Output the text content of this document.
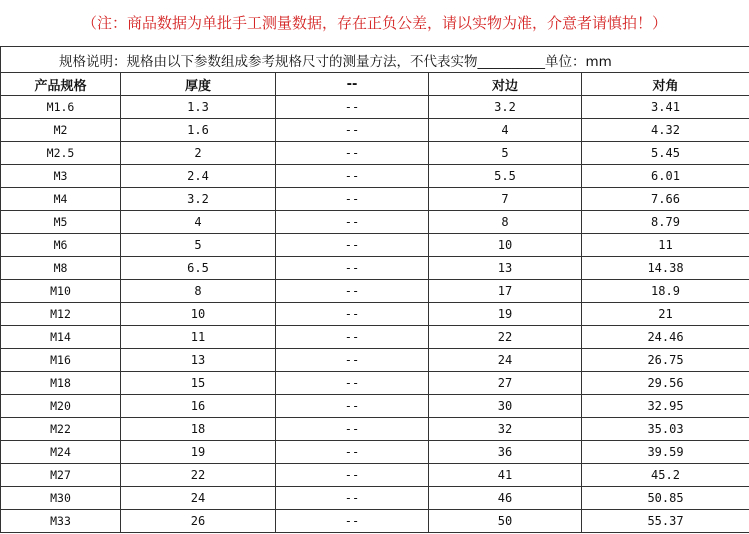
（注：商品数据为单批手工测量数据，存在正负公差，请以实物为准，介意者请慎拍！）
规格说明：规格由以下参数组成参考规格尺寸的测量方法，不代表实物__________单位：mm				
产品规格	厚度	--	对边	对角
M1.6	1.3	--	3.2	3.41
M2	1.6	--	4	4.32
M2.5	2	--	5	5.45
M3	2.4	--	5.5	6.01
M4	3.2	--	7	7.66
M5	4	--	8	8.79
M6	5	--	10	11
M8	6.5	--	13	14.38
M10	8	--	17	18.9
M12	10	--	19	21
M14	11	--	22	24.46
M16	13	--	24	26.75
M18	15	--	27	29.56
M20	16	--	30	32.95
M22	18	--	32	35.03
M24	19	--	36	39.59
M27	22	--	41	45.2
M30	24	--	46	50.85
M33	26	--	50	55.37
